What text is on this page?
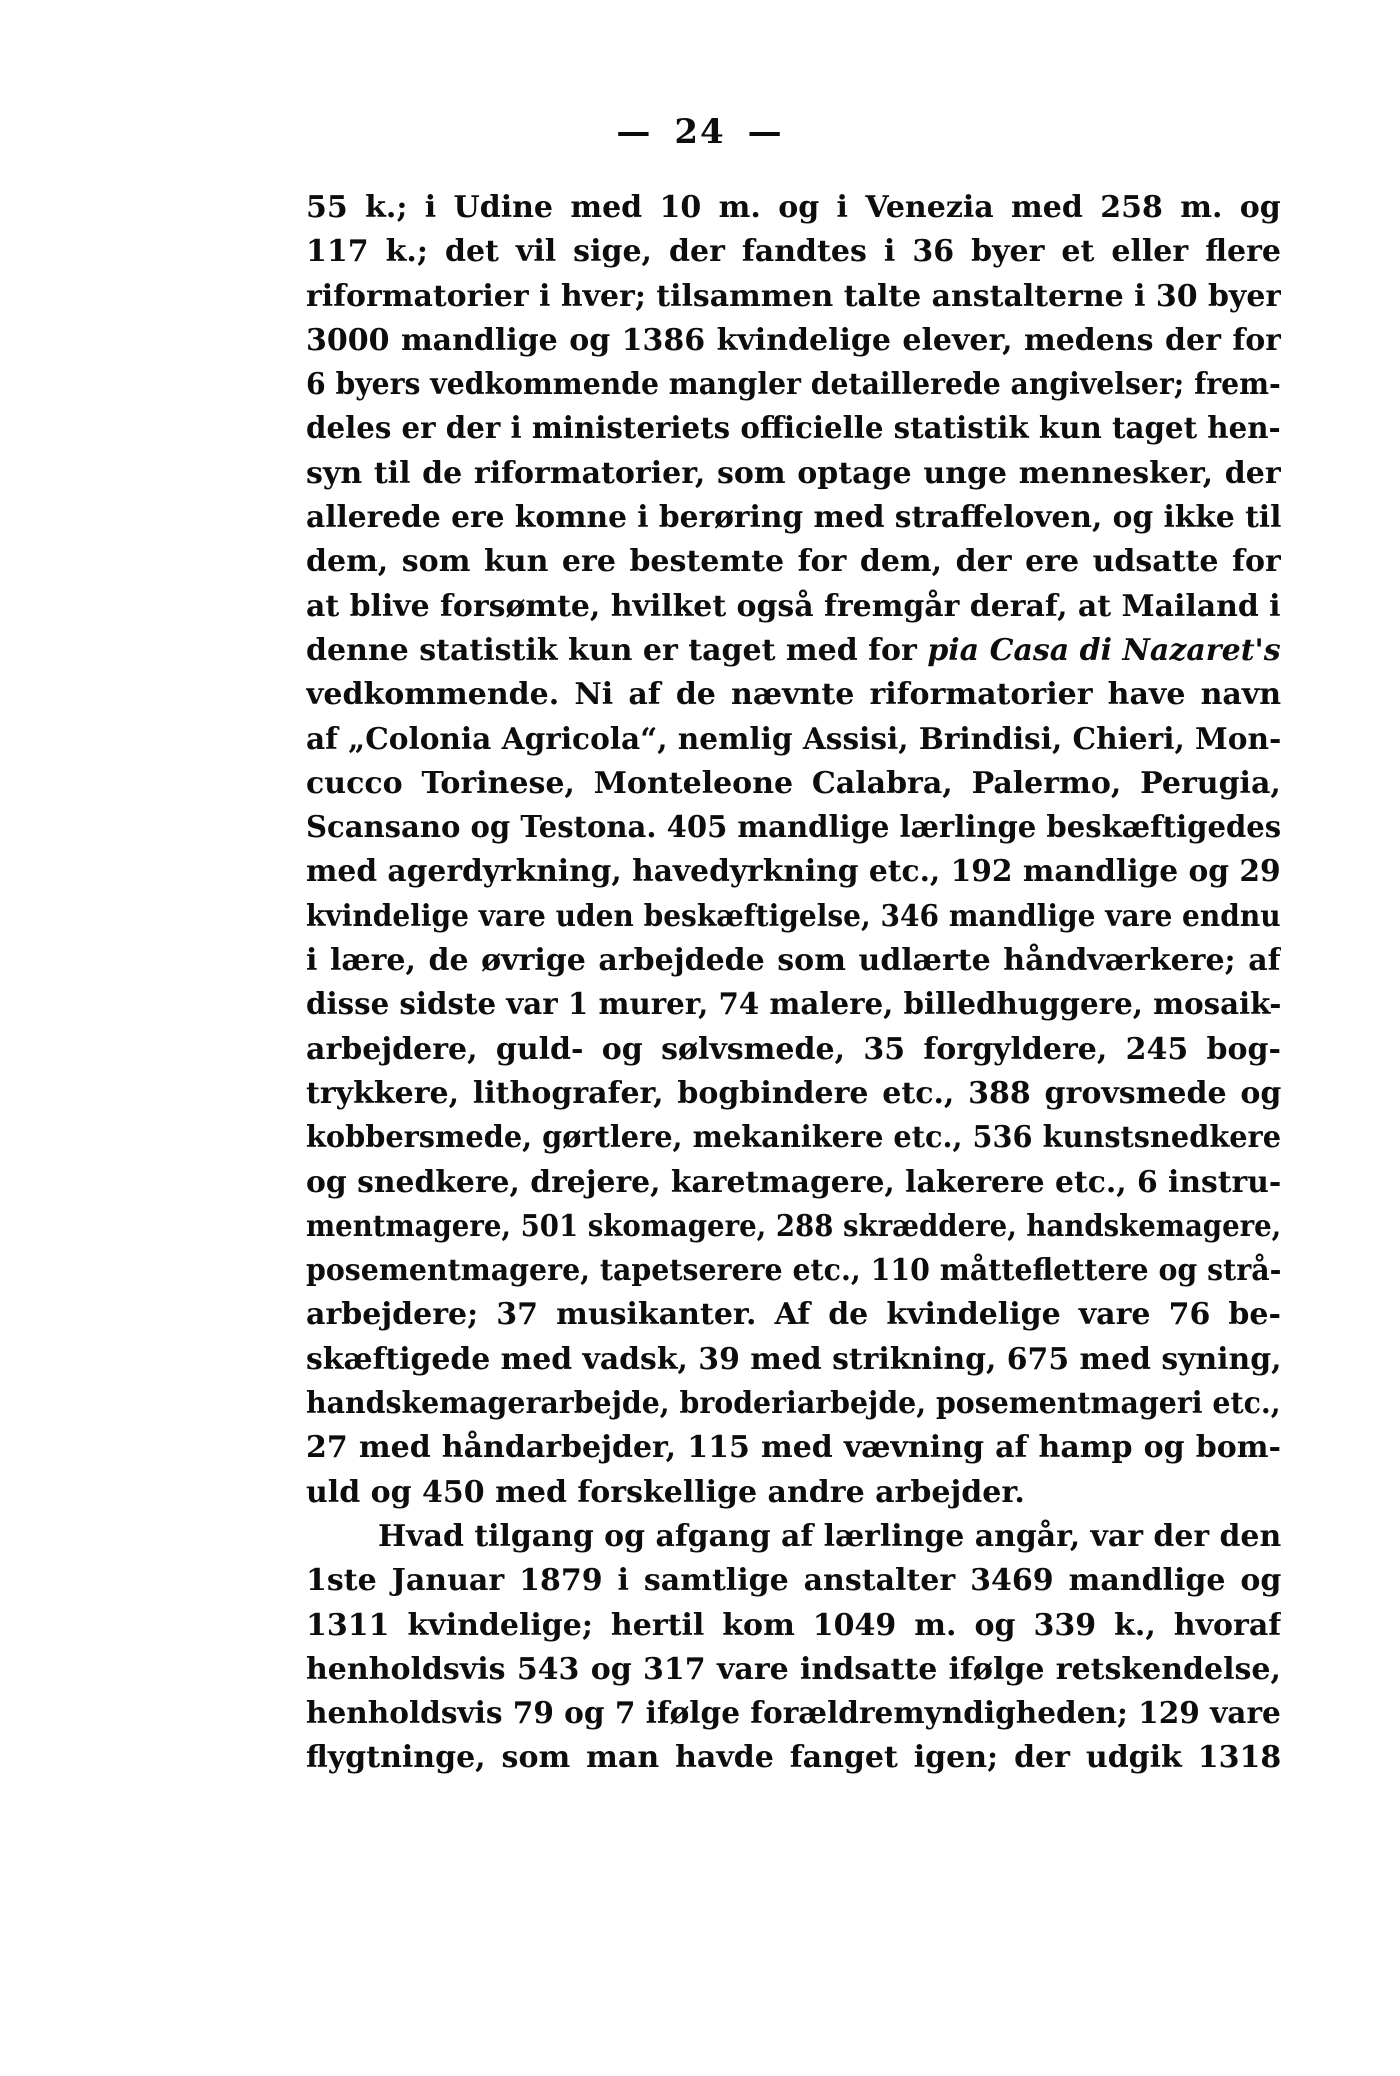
— 24 —
55 k.; i Udine med 10 m. og i Venezia med 258 m. og
117 k.; det vil sige, der fandtes i 36 byer et eller flere
riformatorier i hver; tilsammen talte anstalterne i 30 byer
3000 mandlige og 1386 kvindelige elever, medens der for
6 byers vedkommende mangler detaillerede angivelser; frem-
deles er der i ministeriets officielle statistik kun taget hen-
syn til de riformatorier, som optage unge mennesker, der
allerede ere komne i berøring med straffeloven, og ikke til
dem, som kun ere bestemte for dem, der ere udsatte for
at blive forsømte, hvilket også fremgår deraf, at Mailand i
denne statistik kun er taget med for pia Casa di Nazaret's
vedkommende. Ni af de nævnte riformatorier have navn
af „Colonia Agricola“, nemlig Assisi, Brindisi, Chieri, Mon-
cucco Torinese, Monteleone Calabra, Palermo, Perugia,
Scansano og Testona. 405 mandlige lærlinge beskæftigedes
med agerdyrkning, havedyrkning etc., 192 mandlige og 29
kvindelige vare uden beskæftigelse, 346 mandlige vare endnu
i lære, de øvrige arbejdede som udlærte håndværkere; af
disse sidste var 1 murer, 74 malere, billedhuggere, mosaik-
arbejdere, guld- og sølvsmede, 35 forgyldere, 245 bog-
trykkere, lithografer, bogbindere etc., 388 grovsmede og
kobbersmede, gørtlere, mekanikere etc., 536 kunstsnedkere
og snedkere, drejere, karetmagere, lakerere etc., 6 instru-
mentmagere, 501 skomagere, 288 skræddere, handskemagere,
posementmagere, tapetserere etc., 110 måtteflettere og strå-
arbejdere; 37 musikanter. Af de kvindelige vare 76 be-
skæftigede med vadsk, 39 med strikning, 675 med syning,
handskemagerarbejde, broderiarbejde, posementmageri etc.,
27 med håndarbejder, 115 med vævning af hamp og bom-
uld og 450 med forskellige andre arbejder.
Hvad tilgang og afgang af lærlinge angår, var der den
1ste Januar 1879 i samtlige anstalter 3469 mandlige og
1311 kvindelige; hertil kom 1049 m. og 339 k., hvoraf
henholdsvis 543 og 317 vare indsatte ifølge retskendelse,
henholdsvis 79 og 7 ifølge forældremyndigheden; 129 vare
flygtninge, som man havde fanget igen; der udgik 1318
